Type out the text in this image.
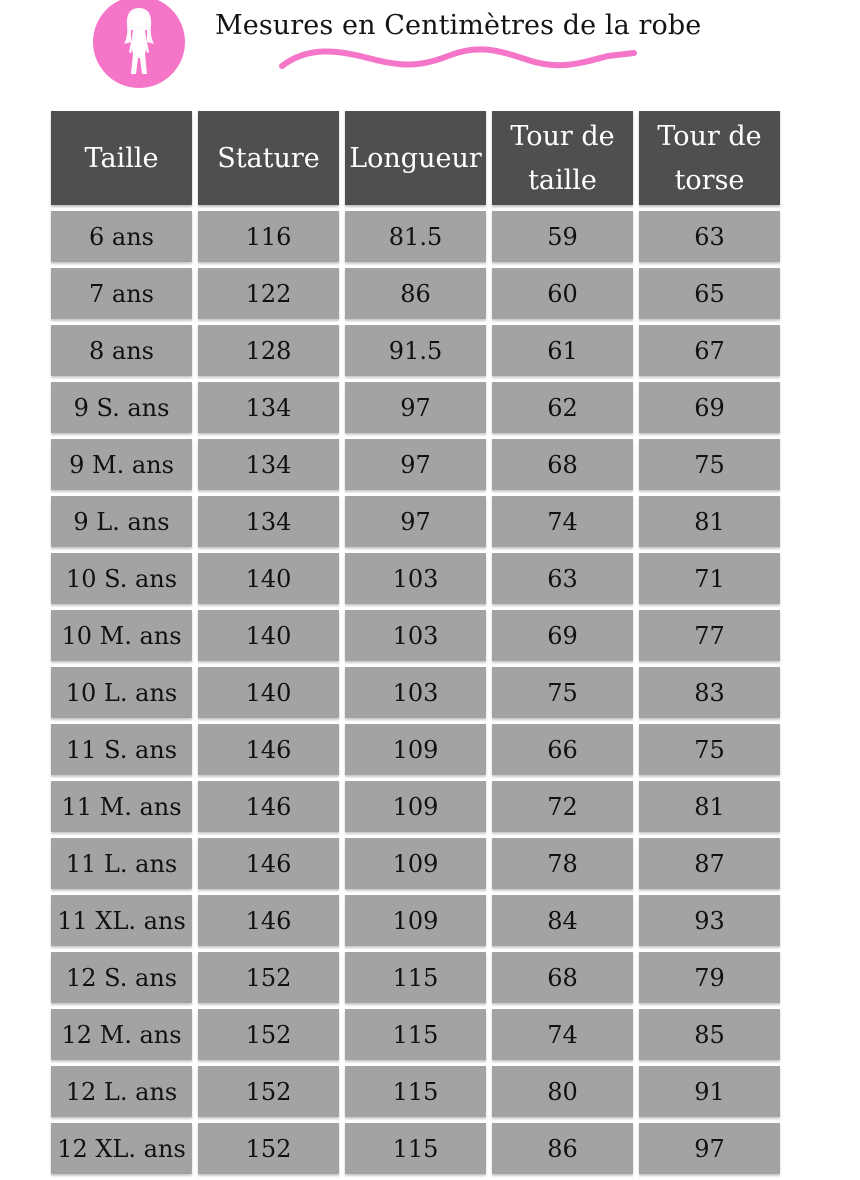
Mesures en Centimètres de la robe
Taille	Stature	Longueur	Tour de taille	Tour de torse
6 ans	116	81.5	59	63
7 ans	122	86	60	65
8 ans	128	91.5	61	67
9 S. ans	134	97	62	69
9 M. ans	134	97	68	75
9 L. ans	134	97	74	81
10 S. ans	140	103	63	71
10 M. ans	140	103	69	77
10 L. ans	140	103	75	83
11 S. ans	146	109	66	75
11 M. ans	146	109	72	81
11 L. ans	146	109	78	87
11 XL. ans	146	109	84	93
12 S. ans	152	115	68	79
12 M. ans	152	115	74	85
12 L. ans	152	115	80	91
12 XL. ans	152	115	86	97
